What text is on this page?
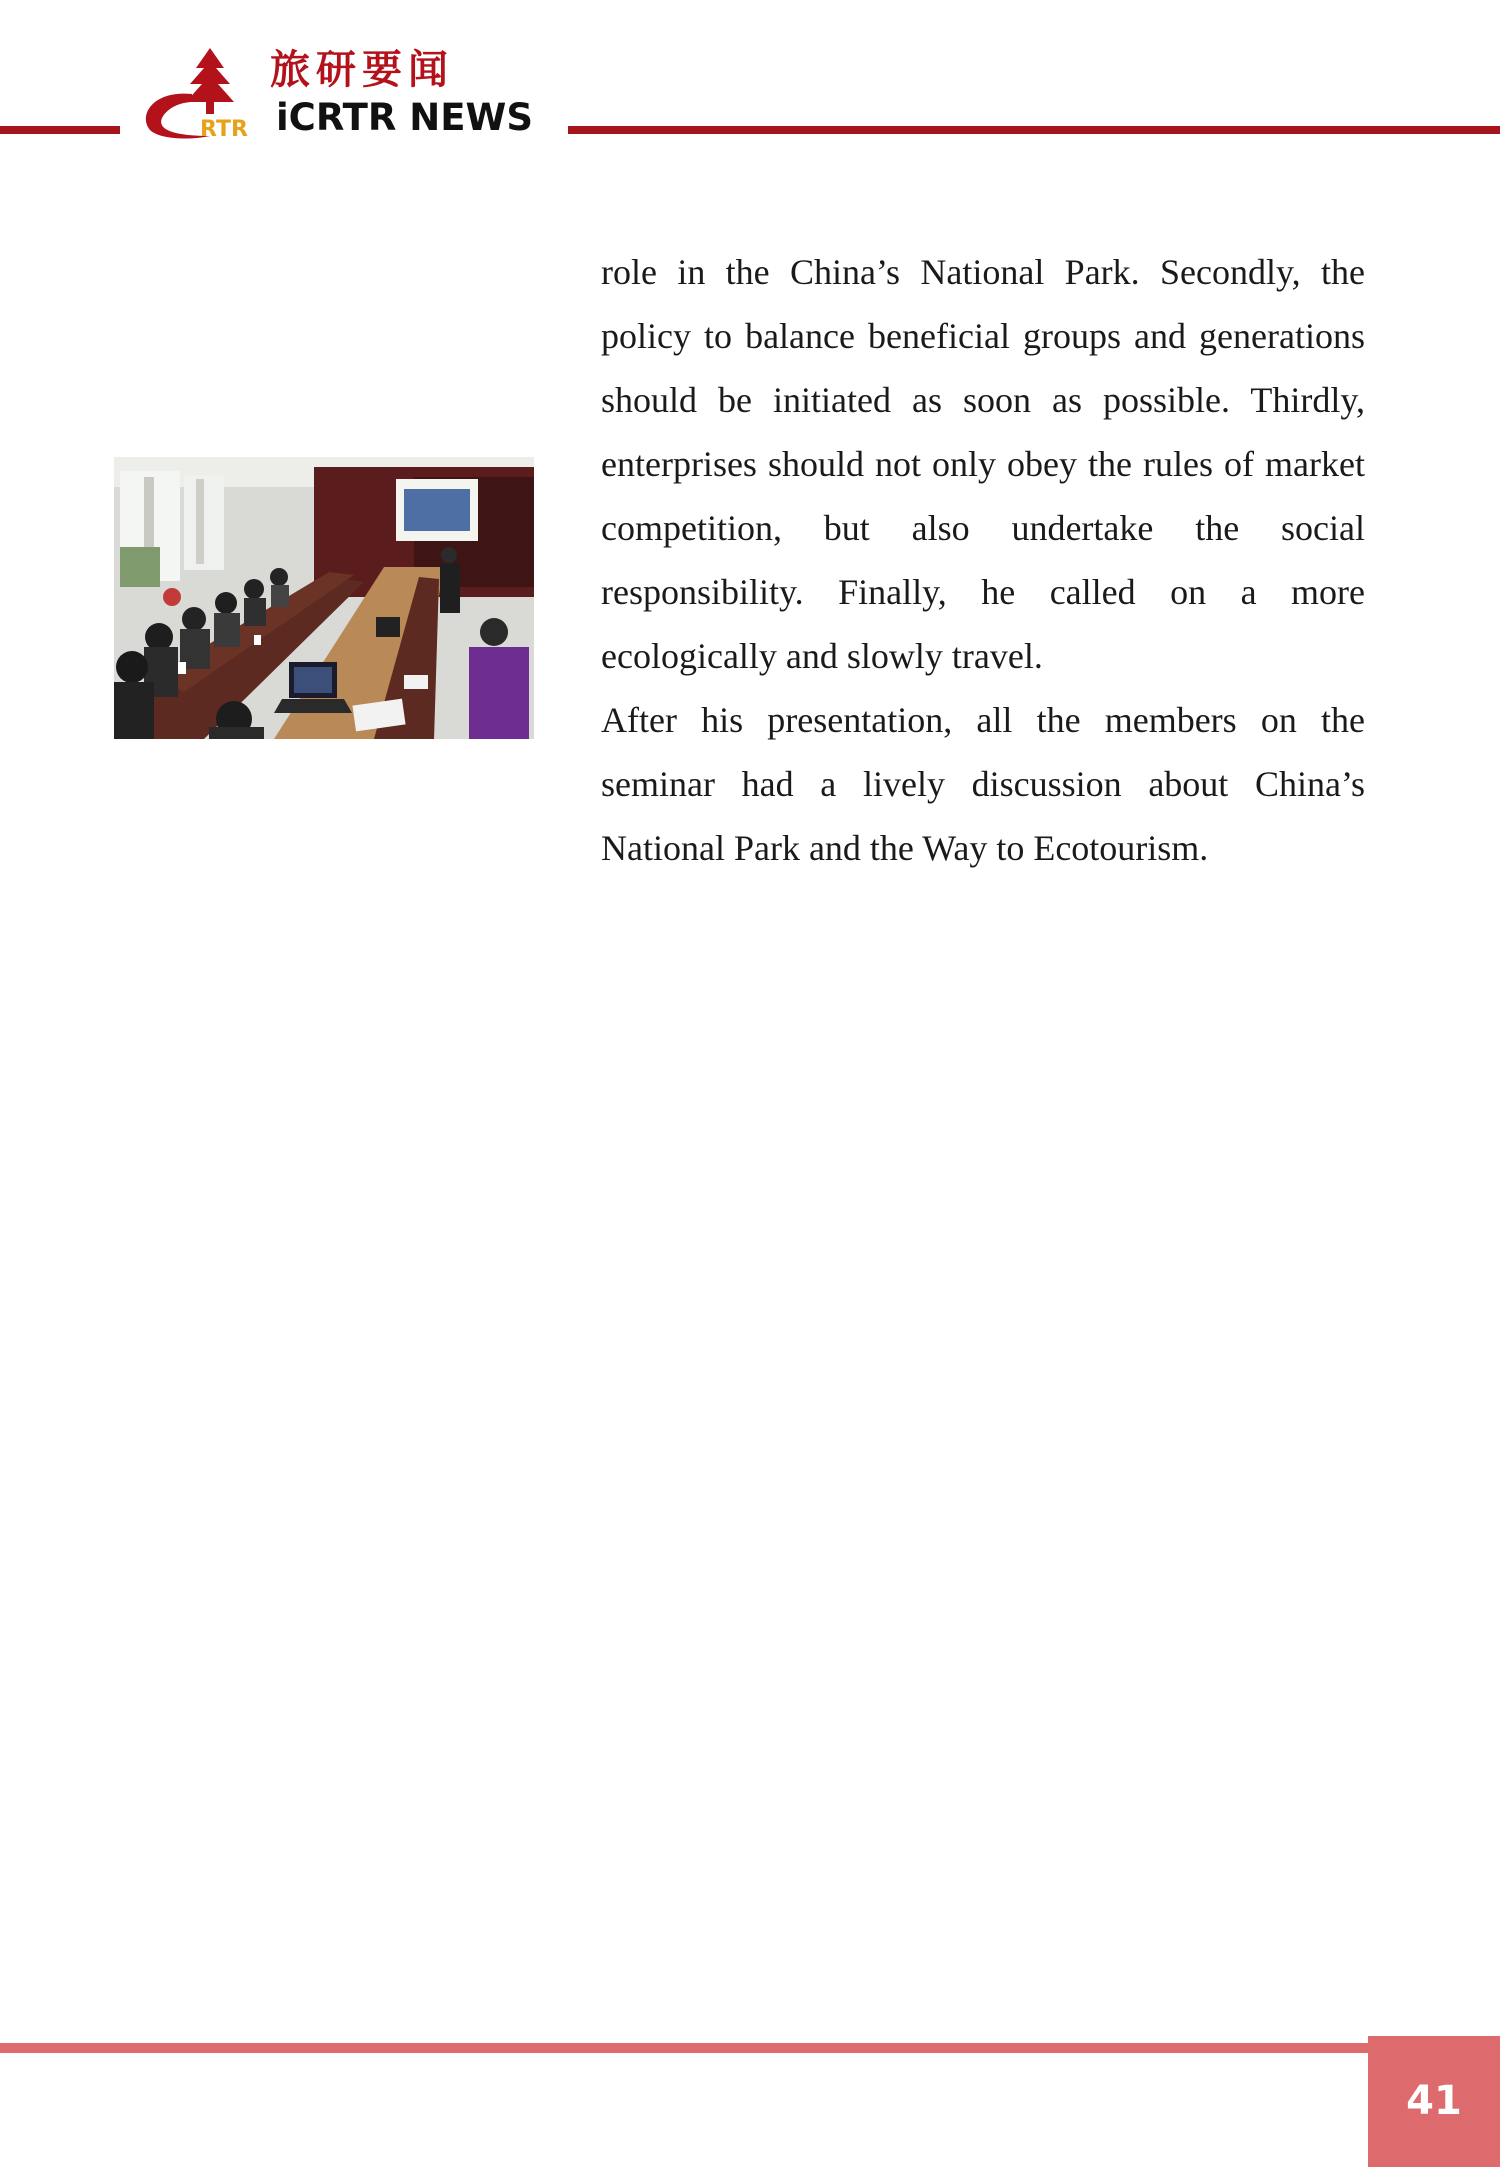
RTR
旅研要闻
iCRTR NEWS

role in the China’s National Park. Secondly, the policy to balance beneficial groups and generations should be initiated as soon as possible. Thirdly, enterprises should not only obey the rules of market competition, but also undertake the social responsibility. Finally, he called on a more ecologically and slowly travel.

After his presentation, all the members on the seminar had a lively discussion about China’s National Park and the Way to Ecotourism.

41
